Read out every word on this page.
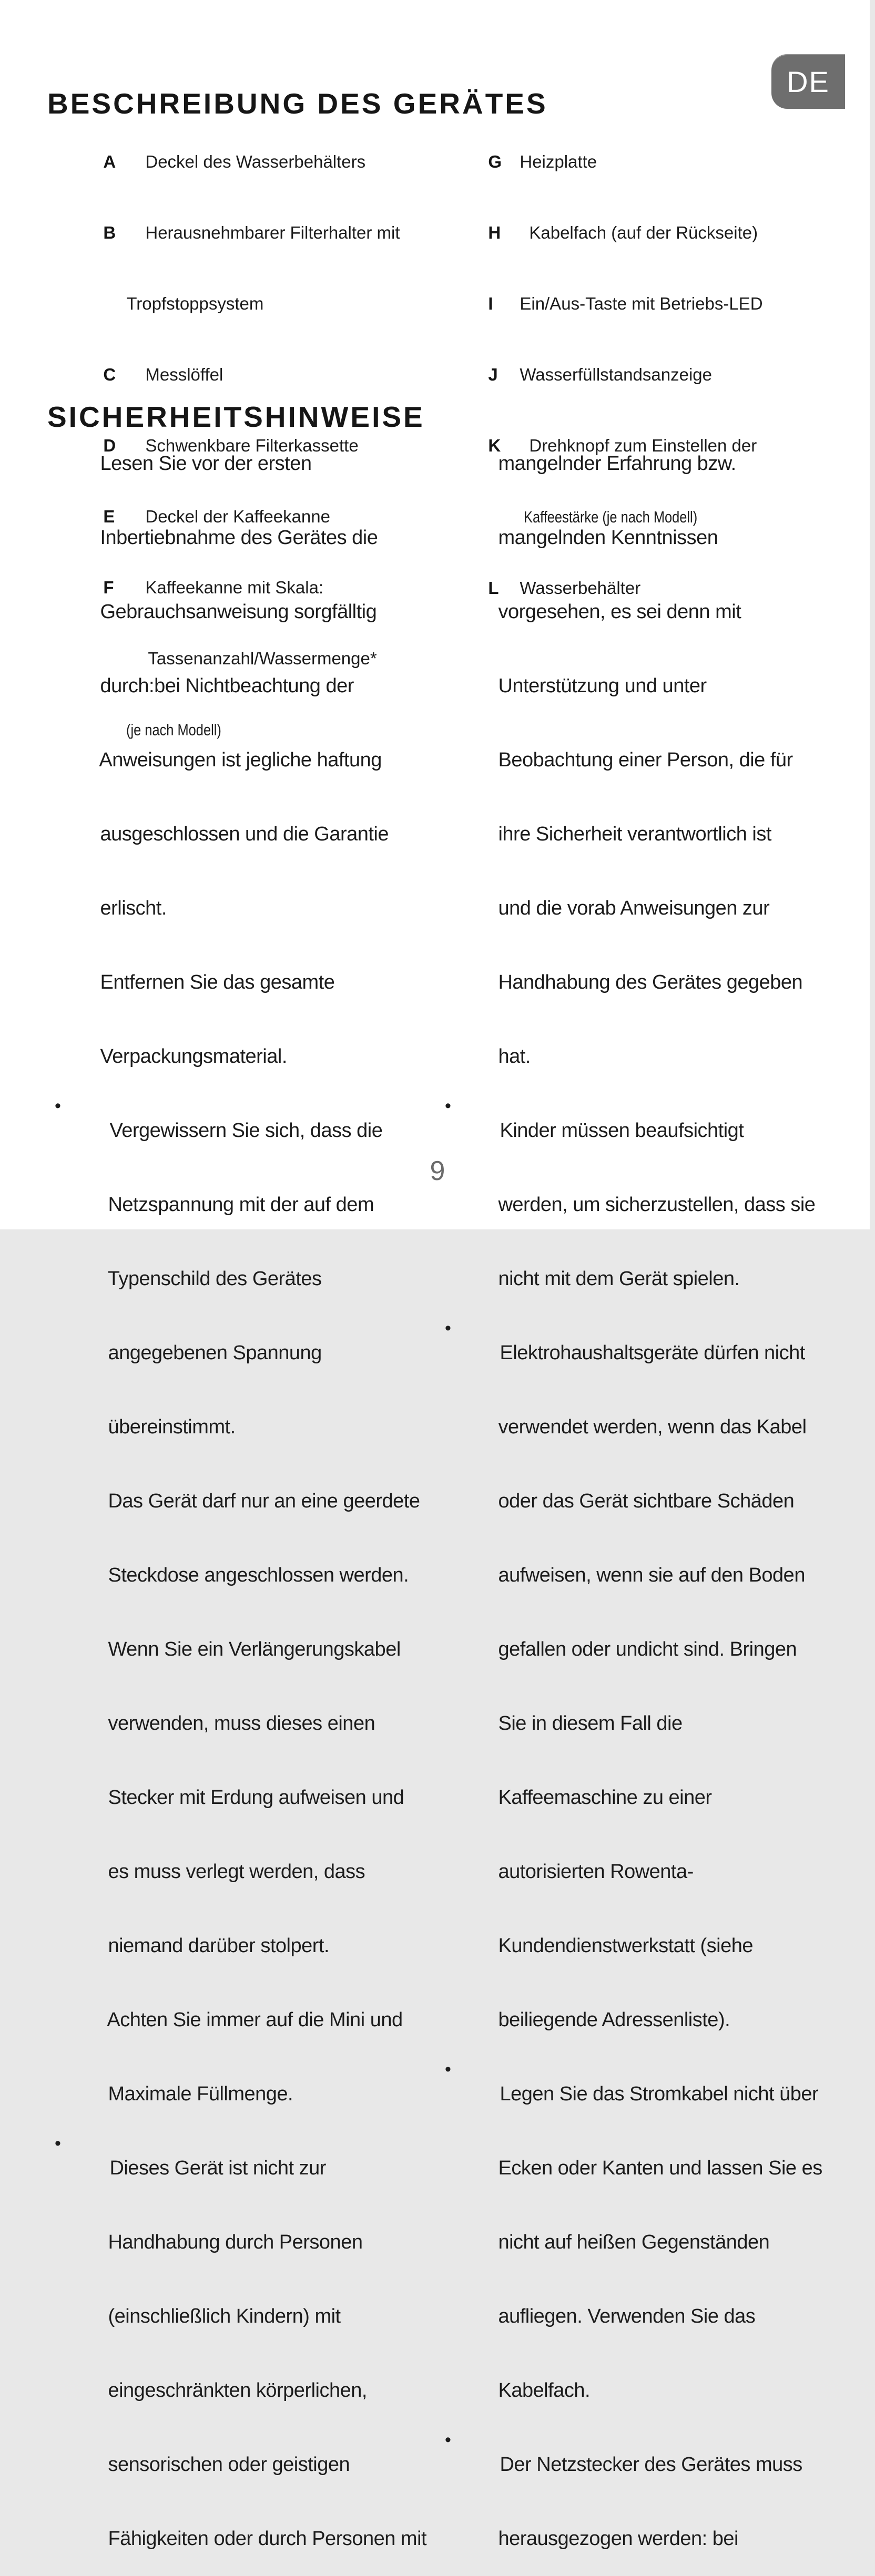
BESCHREIBUNG DES GERÄTES
DE

A Deckel des Wasserbehälters

B Herausnehmbarer Filterhalter mit

Tropfstoppsystem

C Messlöffel

D Schwenkbare Filterkassette

E Deckel der Kaffeekanne

F Kaffeekanne mit Skala:

Tassenanzahl/Wassermenge*

(je nach Modell)

G Heizplatte

H Kabelfach (auf der Rückseite)

I Ein/Aus-Taste mit Betriebs-LED

J Wasserfüllstandsanzeige

K Drehknopf zum Einstellen der

Kaffeestärke (je nach Modell)

L Wasserbehälter

SICHERHEITSHINWEISE

Lesen Sie vor der ersten

Inbertiebnahme des Gerätes die

Gebrauchsanweisung sorgfälltig

durch:bei Nichtbeachtung der

Anweisungen ist jegliche haftung

ausgeschlossen und die Garantie

erlischt.

Entfernen Sie das gesamte

Verpackungsmaterial.

• Vergewissern Sie sich, dass die

Netzspannung mit der auf dem

Typenschild des Gerätes

angegebenen Spannung

übereinstimmt.

Das Gerät darf nur an eine geerdete

Steckdose angeschlossen werden.

Wenn Sie ein Verlängerungskabel

verwenden, muss dieses einen

Stecker mit Erdung aufweisen und

es muss verlegt werden, dass

niemand darüber stolpert.

Achten Sie immer auf die Mini und

Maximale Füllmenge.

• Dieses Gerät ist nicht zur

Handhabung durch Personen

(einschließlich Kindern) mit

eingeschränkten körperlichen,

sensorischen oder geistigen

Fähigkeiten oder durch Personen mit

mangelnder Erfahrung bzw.

mangelnden Kenntnissen

vorgesehen, es sei denn mit

Unterstützung und unter

Beobachtung einer Person, die für

ihre Sicherheit verantwortlich ist

und die vorab Anweisungen zur

Handhabung des Gerätes gegeben

hat.

• Kinder müssen beaufsichtigt

werden, um sicherzustellen, dass sie

nicht mit dem Gerät spielen.

• Elektrohaushaltsgeräte dürfen nicht

verwendet werden, wenn das Kabel

oder das Gerät sichtbare Schäden

aufweisen, wenn sie auf den Boden

gefallen oder undicht sind. Bringen

Sie in diesem Fall die

Kaffeemaschine zu einer

autorisierten Rowenta-

Kundendienstwerkstatt (siehe

beiliegende Adressenliste).

• Legen Sie das Stromkabel nicht über

Ecken oder Kanten und lassen Sie es

nicht auf heißen Gegenständen

aufliegen. Verwenden Sie das

Kabelfach.

• Der Netzstecker des Gerätes muss

herausgezogen werden: bei

9
